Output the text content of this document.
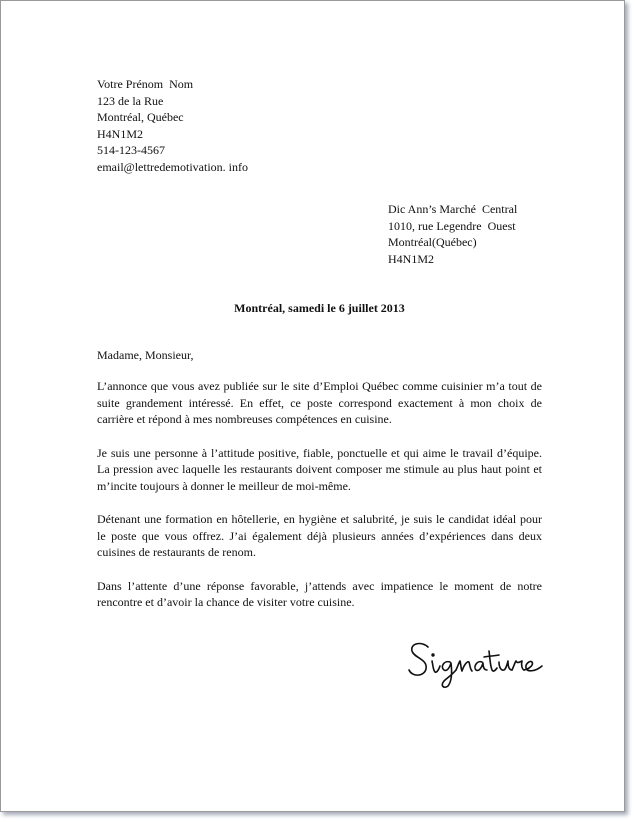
Votre Prénom  Nom
123 de la Rue
Montréal, Québec
H4N1M2
514-123-4567
email@lettredemotivation. info
Dic Ann’s Marché  Central
1010, rue Legendre  Ouest
Montréal(Québec)
H4N1M2
Montréal, samedi le 6 juillet 2013
Madame, Monsieur,

L’annonce que vous avez publiée sur le site d’Emploi Québec comme cuisinier m’a tout de suite grandement intéressé. En effet, ce poste correspond exactement à mon choix de carrière et répond à mes nombreuses compétences en cuisine.

Je suis une personne à l’attitude positive, fiable, ponctuelle et qui aime le travail d’équipe. La pression avec laquelle les restaurants doivent composer me stimule au plus haut point et m’incite toujours à donner le meilleur de moi-même.

Détenant une formation en hôtellerie, en hygiène et salubrité, je suis le candidat idéal pour le poste que vous offrez. J’ai également déjà plusieurs années d’expériences dans deux cuisines de restaurants de renom.

Dans l’attente d’une réponse favorable, j’attends avec impatience le moment de notre rencontre et d’avoir la chance de visiter votre cuisine.
